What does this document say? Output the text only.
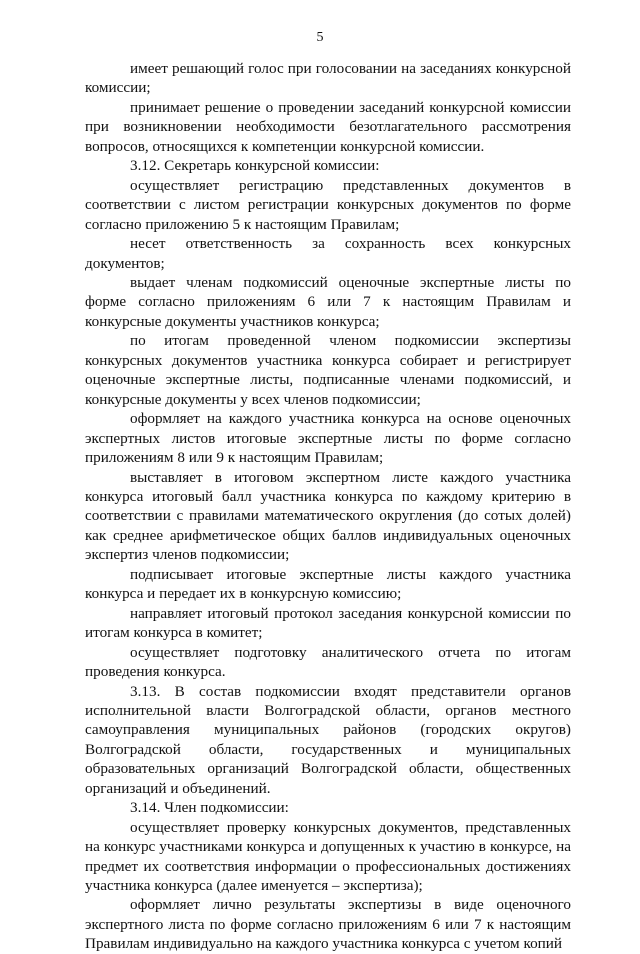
5

имеет решающий голос при голосовании на заседаниях конкурсной комиссии;

принимает решение о проведении заседаний конкурсной комиссии при возникновении необходимости безотлагательного рассмотрения вопросов, относящихся к компетенции конкурсной комиссии.

3.12. Секретарь конкурсной комиссии:

осуществляет регистрацию представленных документов в соответствии с листом регистрации конкурсных документов по форме согласно приложению 5 к настоящим Правилам;

несет ответственность за сохранность всех конкурсных документов;

выдает членам подкомиссий оценочные экспертные листы по форме согласно приложениям 6 или 7 к настоящим Правилам и конкурсные документы участников конкурса;

по итогам проведенной членом подкомиссии экспертизы конкурсных документов участника конкурса собирает и регистрирует оценочные экспертные листы, подписанные членами подкомиссий, и конкурсные документы у всех членов подкомиссии;

оформляет на каждого участника конкурса на основе оценочных экспертных листов итоговые экспертные листы по форме согласно приложениям 8 или 9 к настоящим Правилам;

выставляет в итоговом экспертном листе каждого участника конкурса итоговый балл участника конкурса по каждому критерию в соответствии с правилами математического округления (до сотых долей) как среднее арифметическое общих баллов индивидуальных оценочных экспертиз членов подкомиссии;

подписывает итоговые экспертные листы каждого участника конкурса и передает их в конкурсную комиссию;

направляет итоговый протокол заседания конкурсной комиссии по итогам конкурса в комитет;

осуществляет подготовку аналитического отчета по итогам проведения конкурса.

3.13. В состав подкомиссии входят представители органов исполнительной власти Волгоградской области, органов местного самоуправления муниципальных районов (городских округов) Волгоградской области, государственных и муниципальных образовательных организаций Волгоградской области, общественных организаций и объединений.

3.14. Член подкомиссии:

осуществляет проверку конкурсных документов, представленных на конкурс участниками конкурса и допущенных к участию в конкурсе, на предмет их соответствия информации о профессиональных достижениях участника конкурса (далее именуется – экспертиза);

оформляет лично результаты экспертизы в виде оценочного экспертного листа по форме согласно приложениям 6 или 7 к настоящим Правилам индивидуально на каждого участника конкурса с учетом копий
